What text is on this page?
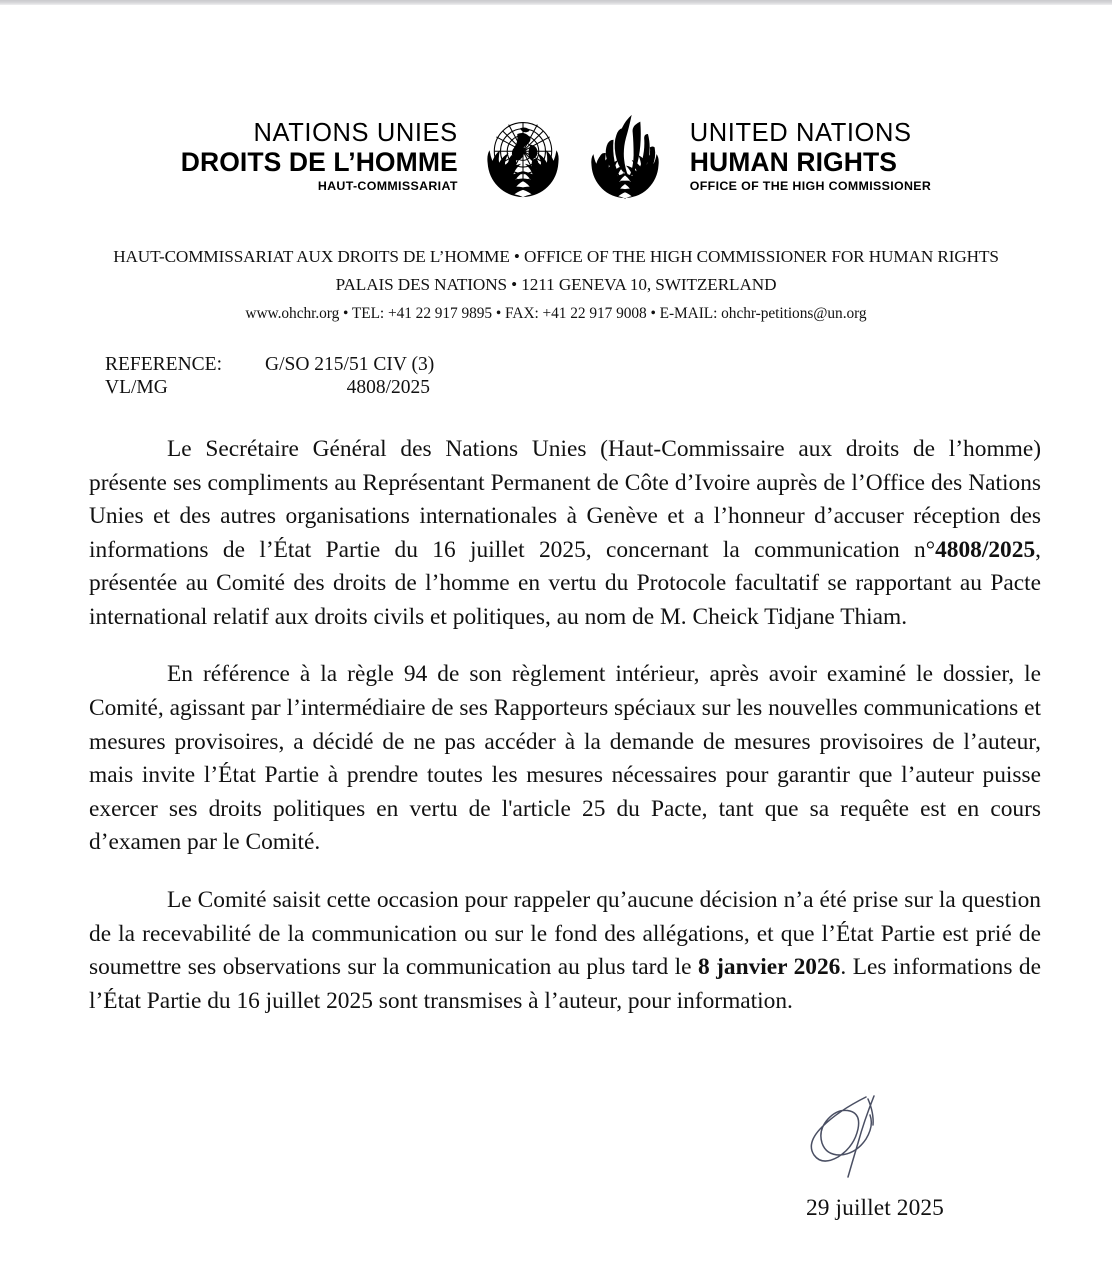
NATIONS UNIES
DROITS DE L’HOMME
HAUT-COMMISSARIAT
UNITED NATIONS
HUMAN RIGHTS
OFFICE OF THE HIGH COMMISSIONER
HAUT-COMMISSARIAT AUX DROITS DE L’HOMME • OFFICE OF THE HIGH COMMISSIONER FOR HUMAN RIGHTS
PALAIS DES NATIONS • 1211 GENEVA 10, SWITZERLAND
www.ohchr.org • TEL: +41 22 917 9895 • FAX: +41 22 917 9008 • E-MAIL: ohchr-petitions@un.org
REFERENCE:	G/SO 215/51 CIV (3)
VL/MG	4808/2025

Le Secrétaire Général des Nations Unies (Haut-Commissaire aux droits de l’homme) présente ses compliments au Représentant Permanent de Côte d’Ivoire auprès de l’Office des Nations Unies et des autres organisations internationales à Genève et a l’honneur d’accuser réception des informations de l’État Partie du 16 juillet 2025, concernant la communication n°4808/2025, présentée au Comité des droits de l’homme en vertu du Protocole facultatif se rapportant au Pacte international relatif aux droits civils et politiques, au nom de M. Cheick Tidjane Thiam.

En référence à la règle 94 de son règlement intérieur, après avoir examiné le dossier, le Comité, agissant par l’intermédiaire de ses Rapporteurs spéciaux sur les nouvelles communications et mesures provisoires, a décidé de ne pas accéder à la demande de mesures provisoires de l’auteur, mais invite l’État Partie à prendre toutes les mesures nécessaires pour garantir que l’auteur puisse exercer ses droits politiques en vertu de l'article 25 du Pacte, tant que sa requête est en cours d’examen par le Comité.

Le Comité saisit cette occasion pour rappeler qu’aucune décision n’a été prise sur la question de la recevabilité de la communication ou sur le fond des allégations, et que l’État Partie est prié de soumettre ses observations sur la communication au plus tard le 8 janvier 2026. Les informations de l’État Partie du 16 juillet 2025 sont transmises à l’auteur, pour information.

29 juillet 2025
